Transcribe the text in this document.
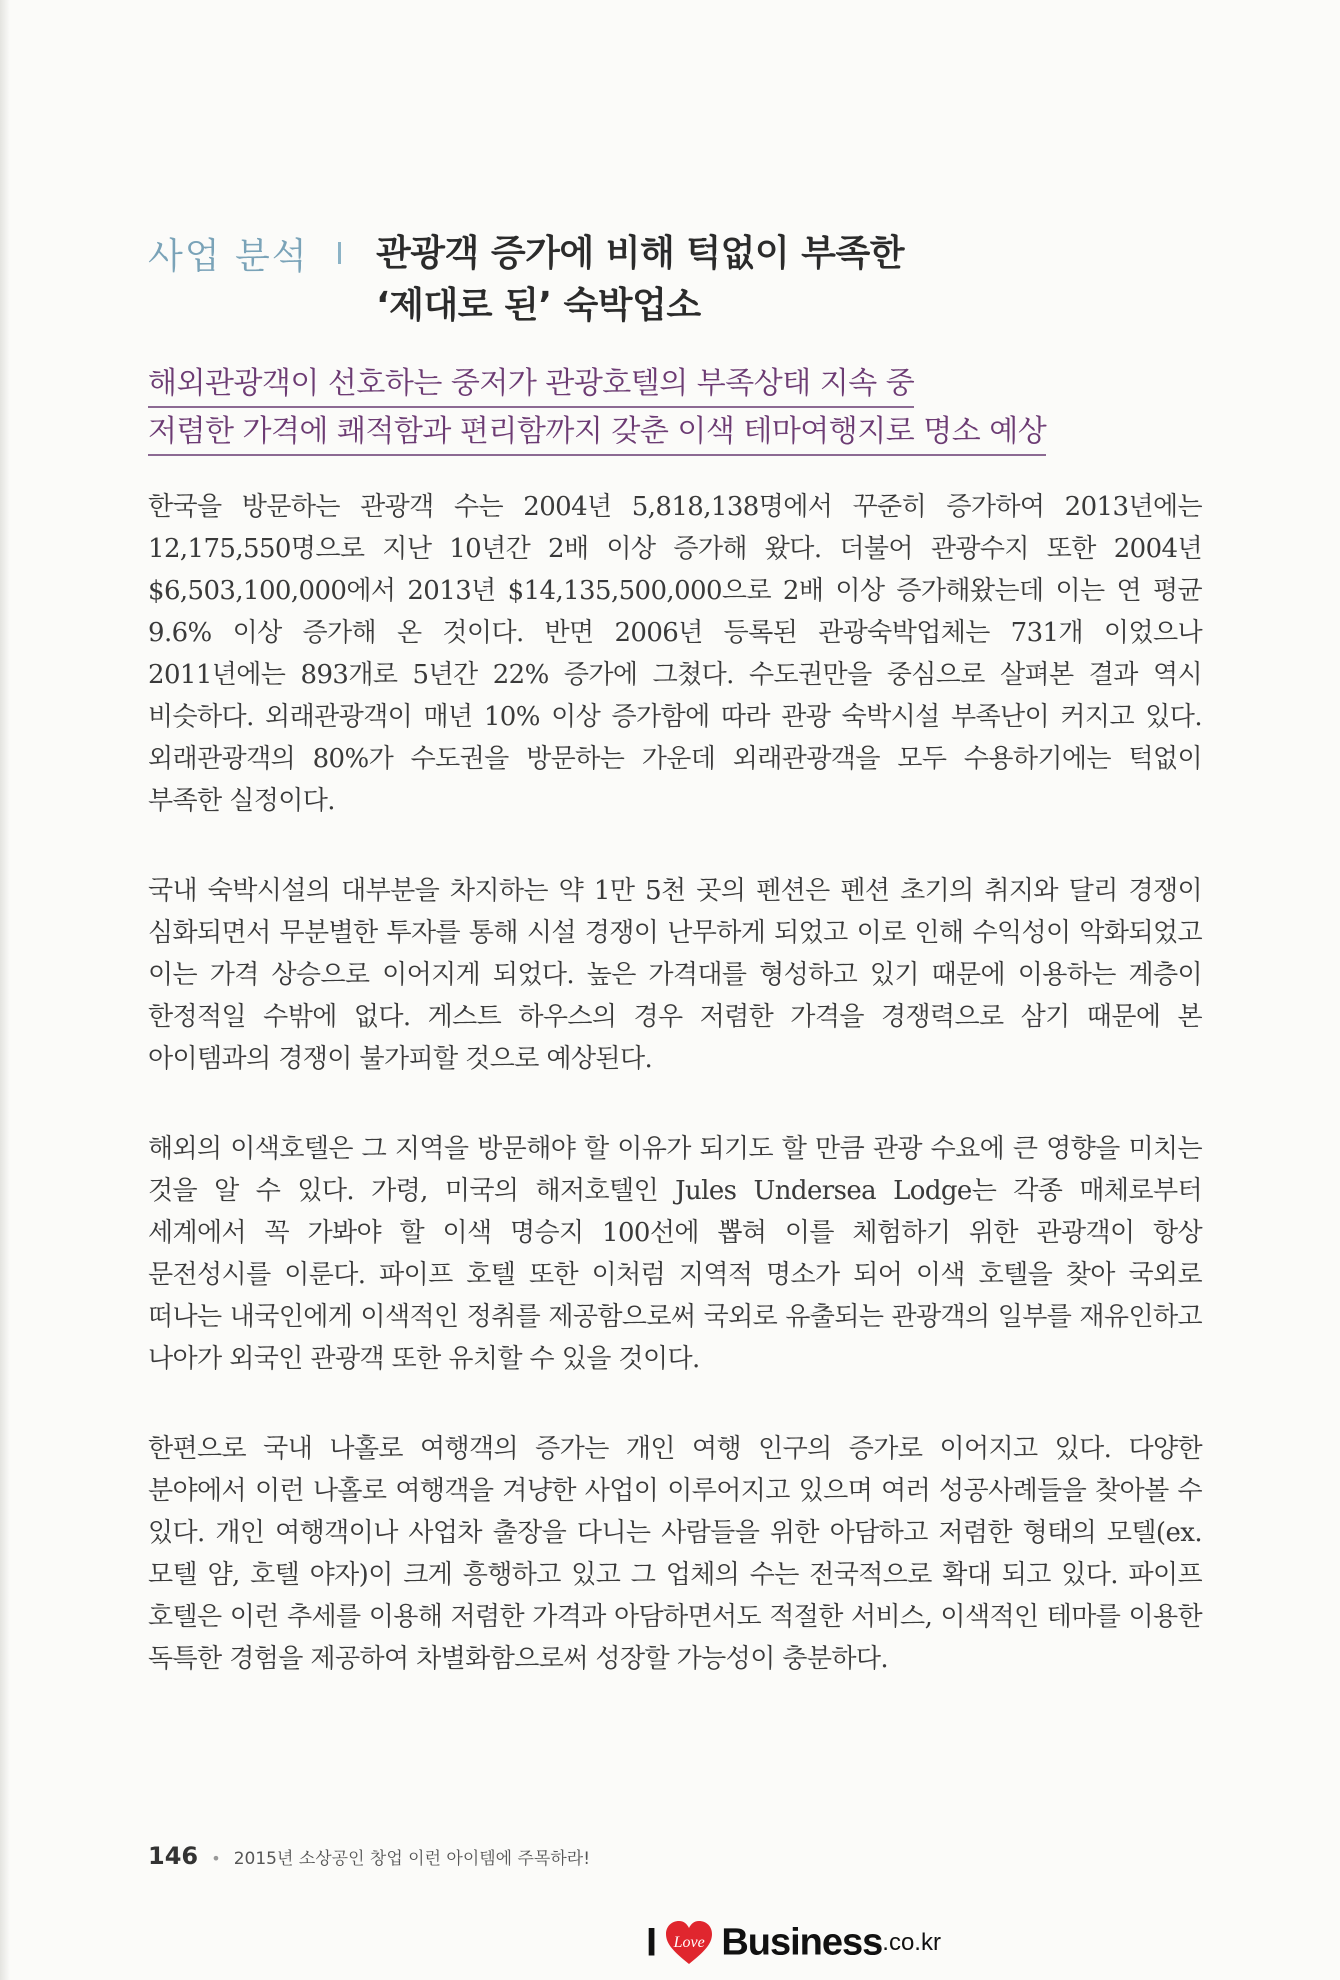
사업 분석 관광객 증가에 비해 턱없이 부족한
‘제대로 된’ 숙박업소
해외관광객이 선호하는 중저가 관광호텔의 부족상태 지속 중
저렴한 가격에 쾌적함과 편리함까지 갖춘 이색 테마여행지로 명소 예상

한국을 방문하는 관광객 수는 2004년 5,818,138명에서 꾸준히 증가하여 2013년에는 12,175,550명으로 지난 10년간 2배 이상 증가해 왔다. 더불어 관광수지 또한 2004년 $6,503,100,000에서 2013년 $14,135,500,000으로 2배 이상 증가해왔는데 이는 연 평균 9.6% 이상 증가해 온 것이다. 반면 2006년 등록된 관광숙박업체는 731개 이었으나 2011년에는 893개로 5년간 22% 증가에 그쳤다. 수도권만을 중심으로 살펴본 결과 역시 비슷하다. 외래관광객이 매년 10% 이상 증가함에 따라 관광 숙박시설 부족난이 커지고 있다. 외래관광객의 80%가 수도권을 방문하는 가운데 외래관광객을 모두 수용하기에는 턱없이 부족한 실정이다.

국내 숙박시설의 대부분을 차지하는 약 1만 5천 곳의 펜션은 펜션 초기의 취지와 달리 경쟁이 심화되면서 무분별한 투자를 통해 시설 경쟁이 난무하게 되었고 이로 인해 수익성이 악화되었고 이는 가격 상승으로 이어지게 되었다. 높은 가격대를 형성하고 있기 때문에 이용하는 계층이 한정적일 수밖에 없다. 게스트 하우스의 경우 저렴한 가격을 경쟁력으로 삼기 때문에 본 아이템과의 경쟁이 불가피할 것으로 예상된다.

해외의 이색호텔은 그 지역을 방문해야 할 이유가 되기도 할 만큼 관광 수요에 큰 영향을 미치는 것을 알 수 있다. 가령, 미국의 해저호텔인 Jules Undersea Lodge는 각종 매체로부터 세계에서 꼭 가봐야 할 이색 명승지 100선에 뽑혀 이를 체험하기 위한 관광객이 항상 문전성시를 이룬다. 파이프 호텔 또한 이처럼 지역적 명소가 되어 이색 호텔을 찾아 국외로 떠나는 내국인에게 이색적인 정취를 제공함으로써 국외로 유출되는 관광객의 일부를 재유인하고 나아가 외국인 관광객 또한 유치할 수 있을 것이다.

한편으로 국내 나홀로 여행객의 증가는 개인 여행 인구의 증가로 이어지고 있다. 다양한 분야에서 이런 나홀로 여행객을 겨냥한 사업이 이루어지고 있으며 여러 성공사례들을 찾아볼 수 있다. 개인 여행객이나 사업차 출장을 다니는 사람들을 위한 아담하고 저렴한 형태의 모텔(ex. 모텔 얌, 호텔 야자)이 크게 흥행하고 있고 그 업체의 수는 전국적으로 확대 되고 있다. 파이프 호텔은 이런 추세를 이용해 저렴한 가격과 아담하면서도 적절한 서비스, 이색적인 테마를 이용한 독특한 경험을 제공하여 차별화함으로써 성장할 가능성이 충분하다.

146 • 2015년 소상공인 창업 이런 아이템에 주목하라!
I	Love Business.co.kr
